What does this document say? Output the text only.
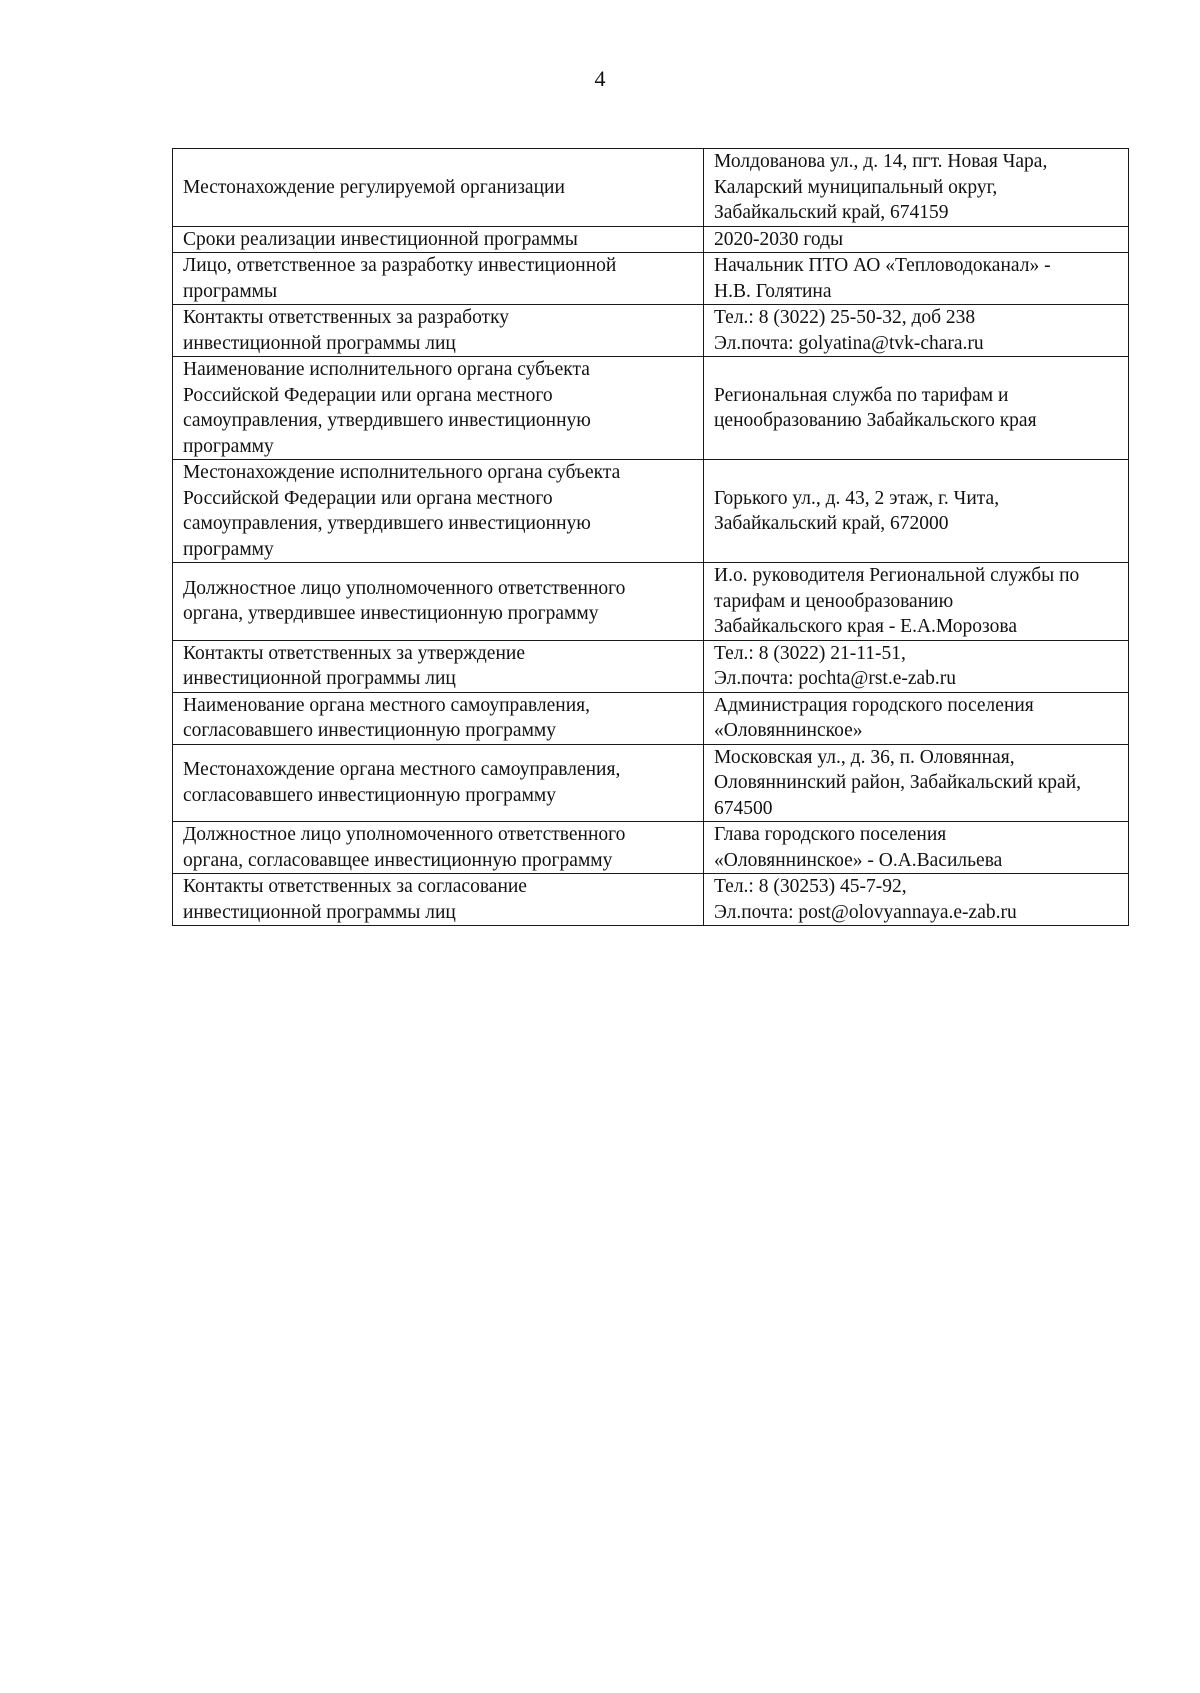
4
Местонахождение регулируемой организации	Молдованова ул., д. 14, пгт. Новая Чара,
Каларский муниципальный округ,
Забайкальский край, 674159

Сроки реализации инвестиционной программы	2020-2030 годы

Лицо, ответственное за разработку инвестиционной
программы	Начальник ПТО АО «Тепловодоканал» -
Н.В. Голятина

Контакты ответственных за разработку
инвестиционной программы лиц	Тел.: 8 (3022) 25-50-32, доб 238
Эл.почта: golyatina@tvk-chara.ru

Наименование исполнительного органа субъекта
Российской Федерации или органа местного
самоуправления, утвердившего инвестиционную
программу	Региональная служба по тарифам и
ценообразованию Забайкальского края

Местонахождение исполнительного органа субъекта
Российской Федерации или органа местного
самоуправления, утвердившего инвестиционную
программу	Горького ул., д. 43, 2 этаж, г. Чита,
Забайкальский край, 672000

Должностное лицо уполномоченного ответственного
органа, утвердившее инвестиционную программу	И.о. руководителя Региональной службы по
тарифам и ценообразованию
Забайкальского края - Е.А.Морозова

Контакты ответственных за утверждение
инвестиционной программы лиц	Тел.: 8 (3022) 21-11-51,
Эл.почта: pochta@rst.e-zab.ru

Наименование органа местного самоуправления,
согласовавшего инвестиционную программу	Администрация городского поселения
«Оловяннинское»

Местонахождение органа местного самоуправления,
согласовавшего инвестиционную программу	Московская ул., д. 36, п. Оловянная,
Оловяннинский район, Забайкальский край,
674500

Должностное лицо уполномоченного ответственного
органа, согласовавщее инвестиционную программу	Глава городского поселения
«Оловяннинское» - О.А.Васильева

Контакты ответственных за согласование
инвестиционной программы лиц	Тел.: 8 (30253) 45-7-92,
Эл.почта: post@olovyannaya.e-zab.ru
